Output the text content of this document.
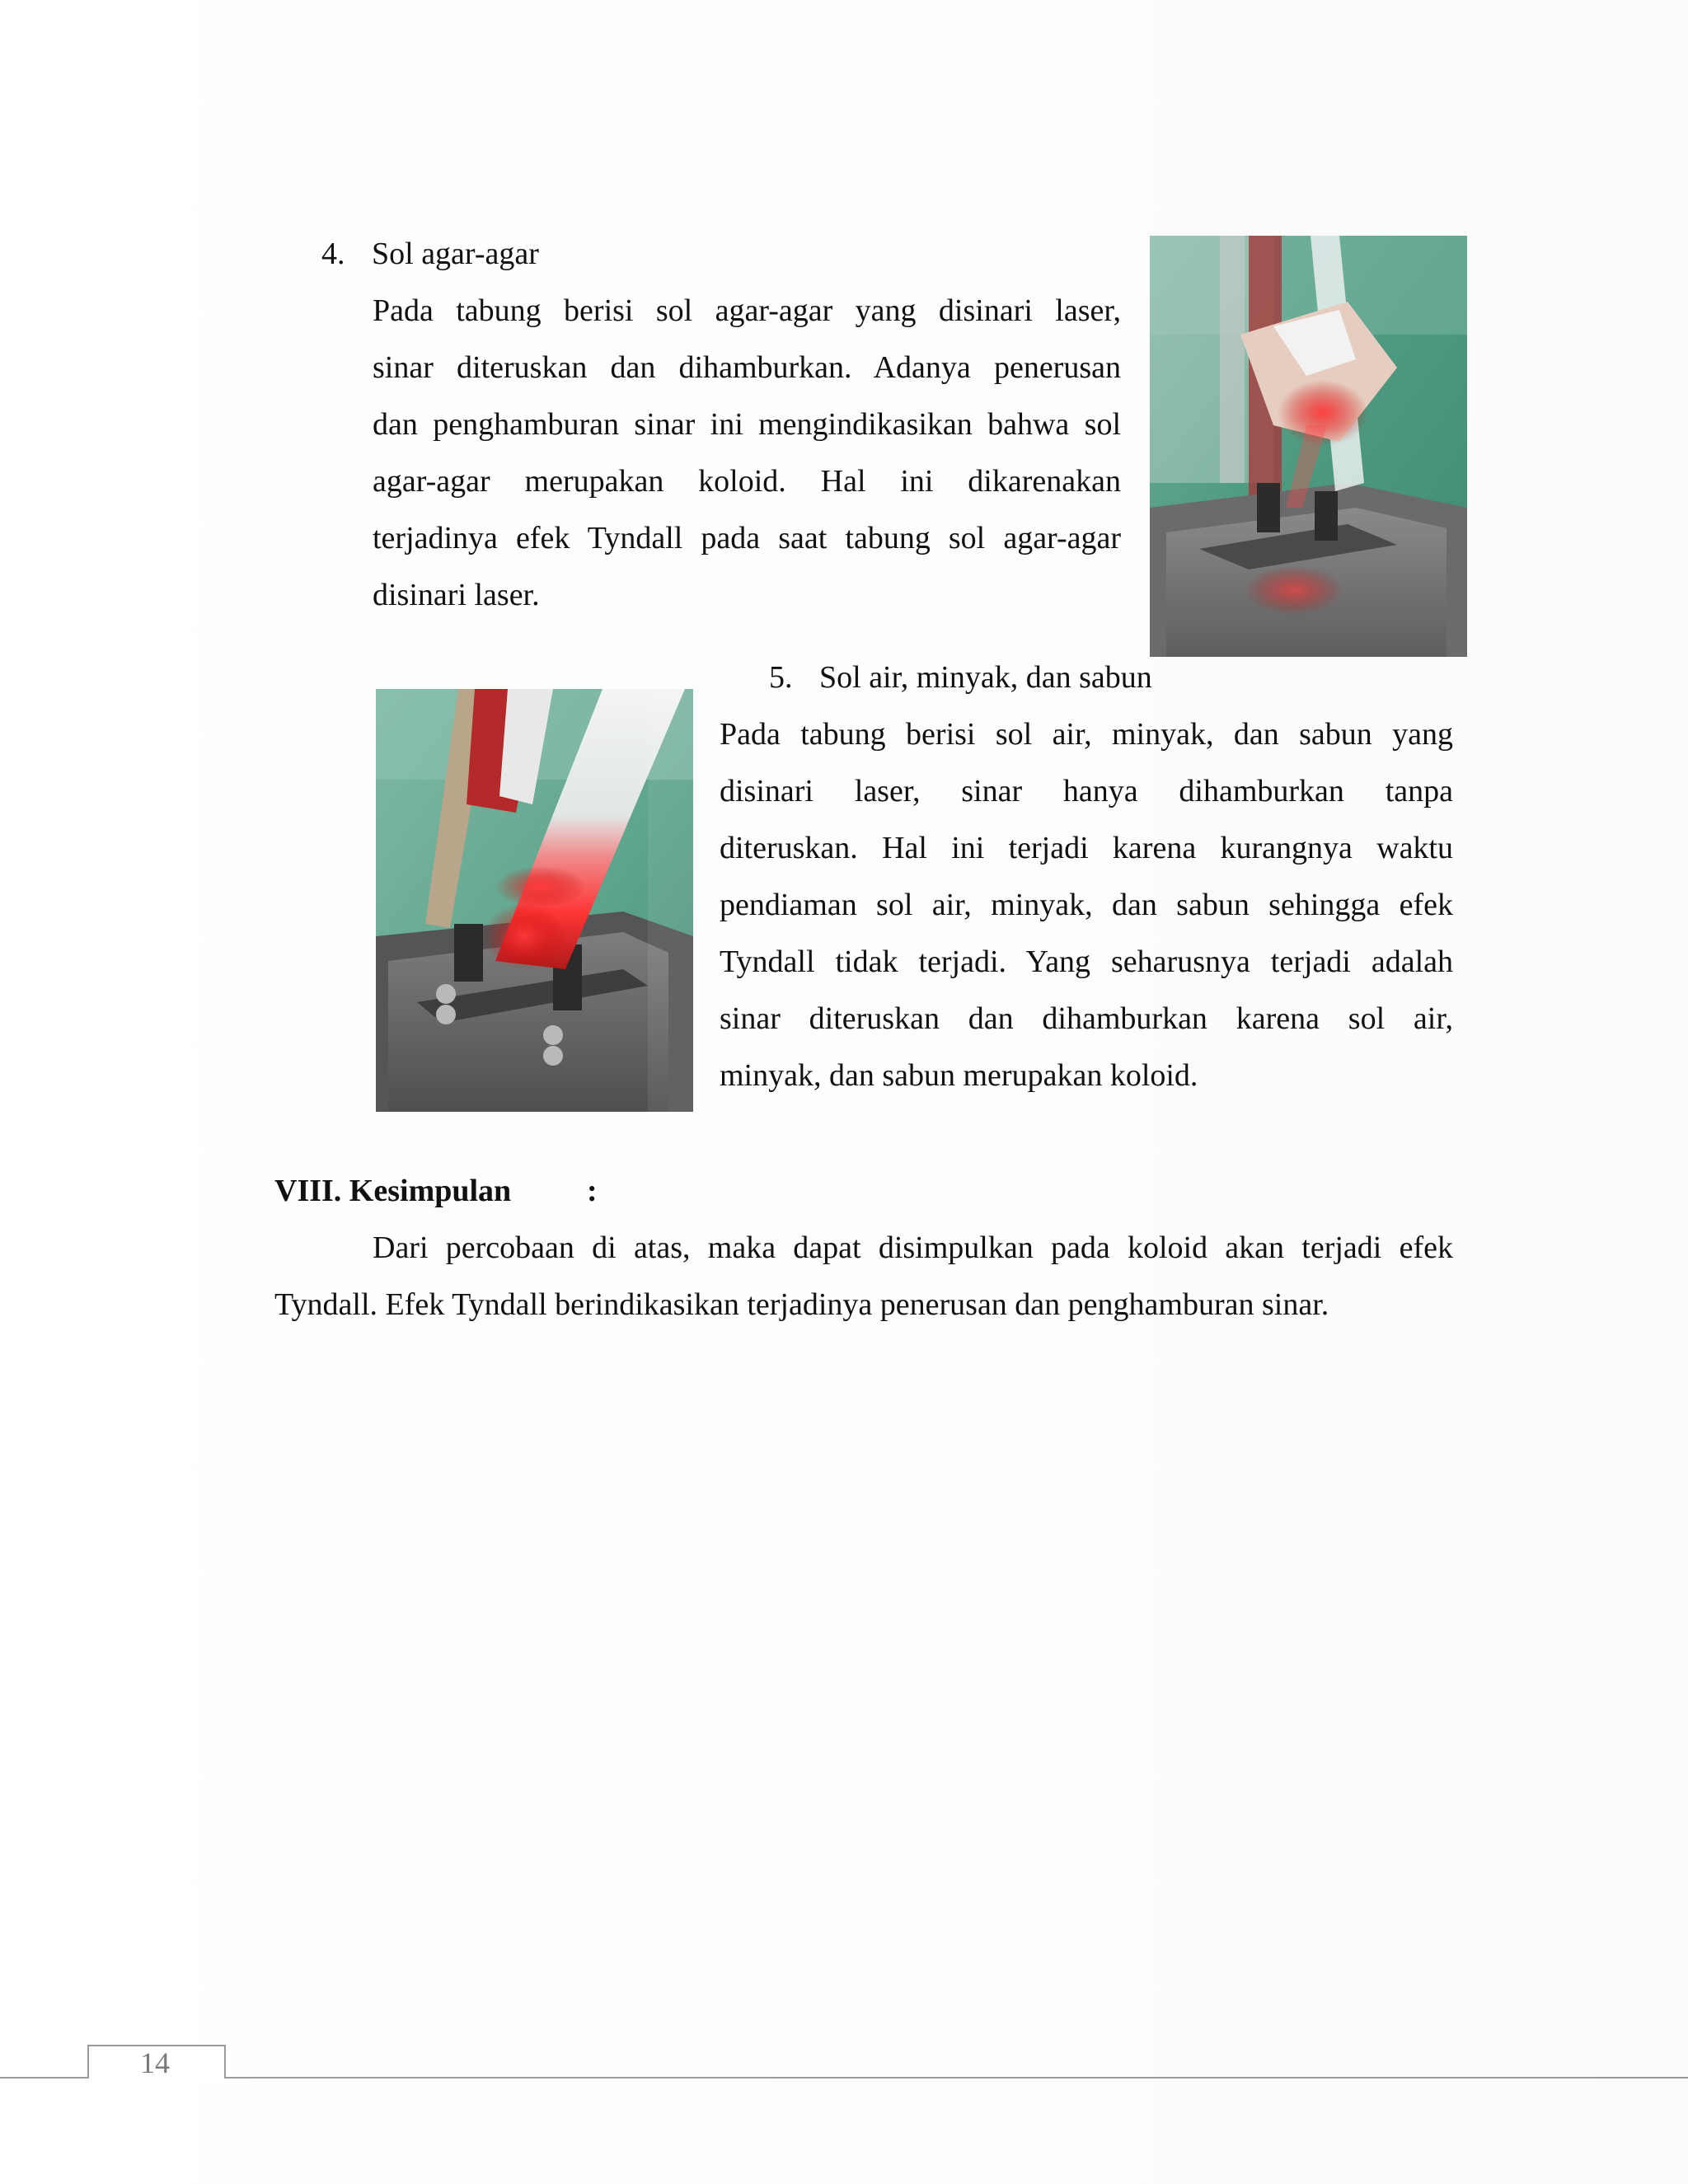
4. Sol agar-agar

Pada tabung berisi sol agar-agar yang disinari laser,
sinar diteruskan dan dihamburkan. Adanya penerusan
dan penghamburan sinar ini mengindikasikan bahwa sol
agar-agar merupakan koloid. Hal ini dikarenakan
terjadinya efek Tyndall pada saat tabung sol agar-agar
disinari laser.

5. Sol air, minyak, dan sabun

Pada tabung berisi sol air, minyak, dan sabun yang
disinari laser, sinar hanya dihamburkan tanpa
diteruskan. Hal ini terjadi karena kurangnya waktu
pendiaman sol air, minyak, dan sabun sehingga efek
Tyndall tidak terjadi. Yang seharusnya terjadi adalah
sinar diteruskan dan dihamburkan karena sol air,
minyak, dan sabun merupakan koloid.

VIII. Kesimpulan :

Dari percobaan di atas, maka dapat disimpulkan pada koloid akan terjadi efek

Tyndall. Efek Tyndall berindikasikan terjadinya penerusan dan penghamburan sinar.

14
